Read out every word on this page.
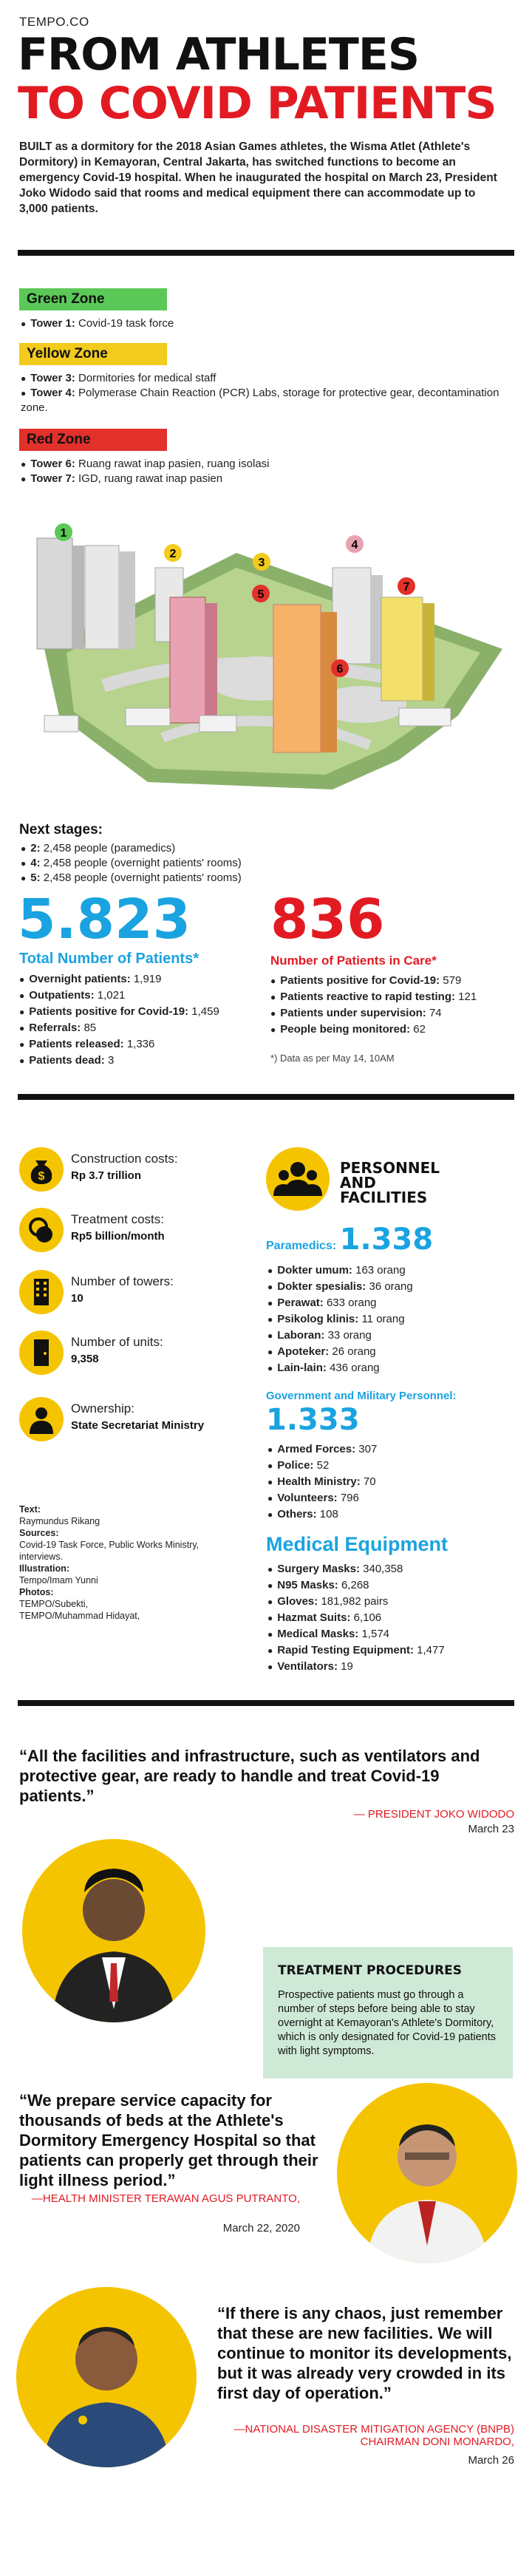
TEMPO.CO
FROM ATHLETES
TO COVID PATIENTS
BUILT as a dormitory for the 2018 Asian Games athletes, the Wisma Atlet (Athlete's Dormitory) in Kemayoran, Central Jakarta, has switched functions to become an emergency Covid-19 hospital. When he inaugurated the hospital on March 23, President Joko Widodo said that rooms and medical equipment there can accommodate up to 3,000 patients.
Green Zone
● Tower 1: Covid-19 task force
Yellow Zone
● Tower 3: Dormitories for medical staff
● Tower 4: Polymerase Chain Reaction (PCR) Labs, storage for protective gear, decontamination zone.
Red Zone
● Tower 6: Ruang rawat inap pasien, ruang isolasi
● Tower 7: IGD, ruang rawat inap pasien
1
2
3
4
5
6
7
Next stages:
● 2: 2,458 people (paramedics)
● 4: 2,458 people (overnight patients' rooms)
● 5: 2,458 people (overnight patients' rooms)
5.823
Total Number of Patients*
● Overnight patients: 1,919
● Outpatients: 1,021
● Patients positive for Covid-19: 1,459
● Referrals: 85
● Patients released: 1,336
● Patients dead: 3
836
Number of Patients in Care*
● Patients positive for Covid-19: 579
● Patients reactive to rapid testing: 121
● Patients under supervision: 74
● People being monitored: 62
*) Data as per May 14, 10AM
$
Construction costs:
Rp 3.7 trillion
Treatment costs:
Rp5 billion/month
Number of towers:
10
Number of units:
9,358
Ownership:
State Secretariat Ministry
Text:
Raymundus Rikang
Sources:
Covid-19 Task Force, Public Works Ministry, interviews.
Illustration:
Tempo/Imam Yunni
Photos:
TEMPO/Subekti,
TEMPO/Muhammad Hidayat,
PERSONNEL
AND
FACILITIES
Paramedics: 1.338
● Dokter umum: 163 orang
● Dokter spesialis: 36 orang
● Perawat: 633 orang
● Psikolog klinis: 11 orang
● Laboran: 33 orang
● Apoteker: 26 orang
● Lain-lain: 436 orang
Government and Military Personnel:
1.333
● Armed Forces: 307
● Police: 52
● Health Ministry: 70
● Volunteers: 796
● Others: 108
Medical Equipment
● Surgery Masks: 340,358
● N95 Masks: 6,268
● Gloves: 181,982 pairs
● Hazmat Suits: 6,106
● Medical Masks: 1,574
● Rapid Testing Equipment: 1,477
● Ventilators: 19
“All the facilities and infrastructure, such as ventilators and protective gear, are ready to handle and treat Covid-19 patients.”
— PRESIDENT JOKO WIDODO
March 23
TREATMENT PROCEDURES
Prospective patients must go through a number of steps before being able to stay overnight at Kemayoran's Athlete's Dormitory, which is only designated for Covid-19 patients with light symptoms.
“We prepare service capacity for thousands of beds at the Athlete's Dormitory Emergency Hospital so that patients can properly get through their light illness period.”
—HEALTH MINISTER TERAWAN AGUS PUTRANTO,
March 22, 2020
“If there is any chaos, just remember that these are new facilities. We will continue to monitor its developments, but it was already very crowded in its first day of operation.”
—NATIONAL DISASTER MITIGATION AGENCY (BNPB) CHAIRMAN DONI MONARDO,
March 26
